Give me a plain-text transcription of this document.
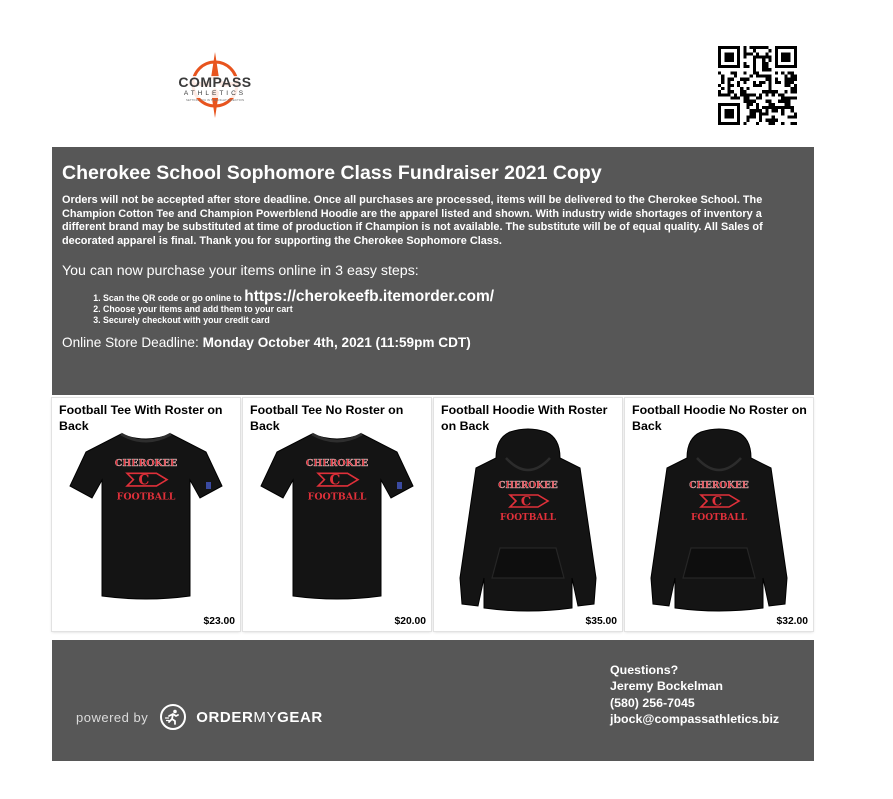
COMPASS
ATHLETICS
SETTING YOU IN THE RIGHT DIRECTION
Cherokee School Sophomore Class Fundraiser 2021 Copy

Orders will not be accepted after store deadline. Once all purchases are processed, items will be delivered to the Cherokee School. The Champion Cotton Tee and Champion Powerblend Hoodie are the apparel listed and shown. With industry wide shortages of inventory a different brand may be substituted at time of production if Champion is not available. The substitute will be of equal quality. All Sales of decorated apparel is final. Thank you for supporting the Cherokee Sophomore Class.

You can now purchase your items online in 3 easy steps:

1. Scan the QR code or go online to https://cherokeefb.itemorder.com/
2. Choose your items and add them to your cart
3. Securely checkout with your credit card

Online Store Deadline: Monday October 4th, 2021 (11:59pm CDT)

Football Tee With Roster on Back
CHEROKEE
C
FOOTBALL
$23.00
Football Tee No Roster on Back
CHEROKEE
C
FOOTBALL
$20.00
Football Hoodie With Roster on Back
CHEROKEE
C
FOOTBALL
$35.00
Football Hoodie No Roster on Back
CHEROKEE
C
FOOTBALL
$32.00
powered by	ORDERMYGEAR
Questions?
Jeremy Bockelman
(580) 256-7045
jbock@compassathletics.biz
